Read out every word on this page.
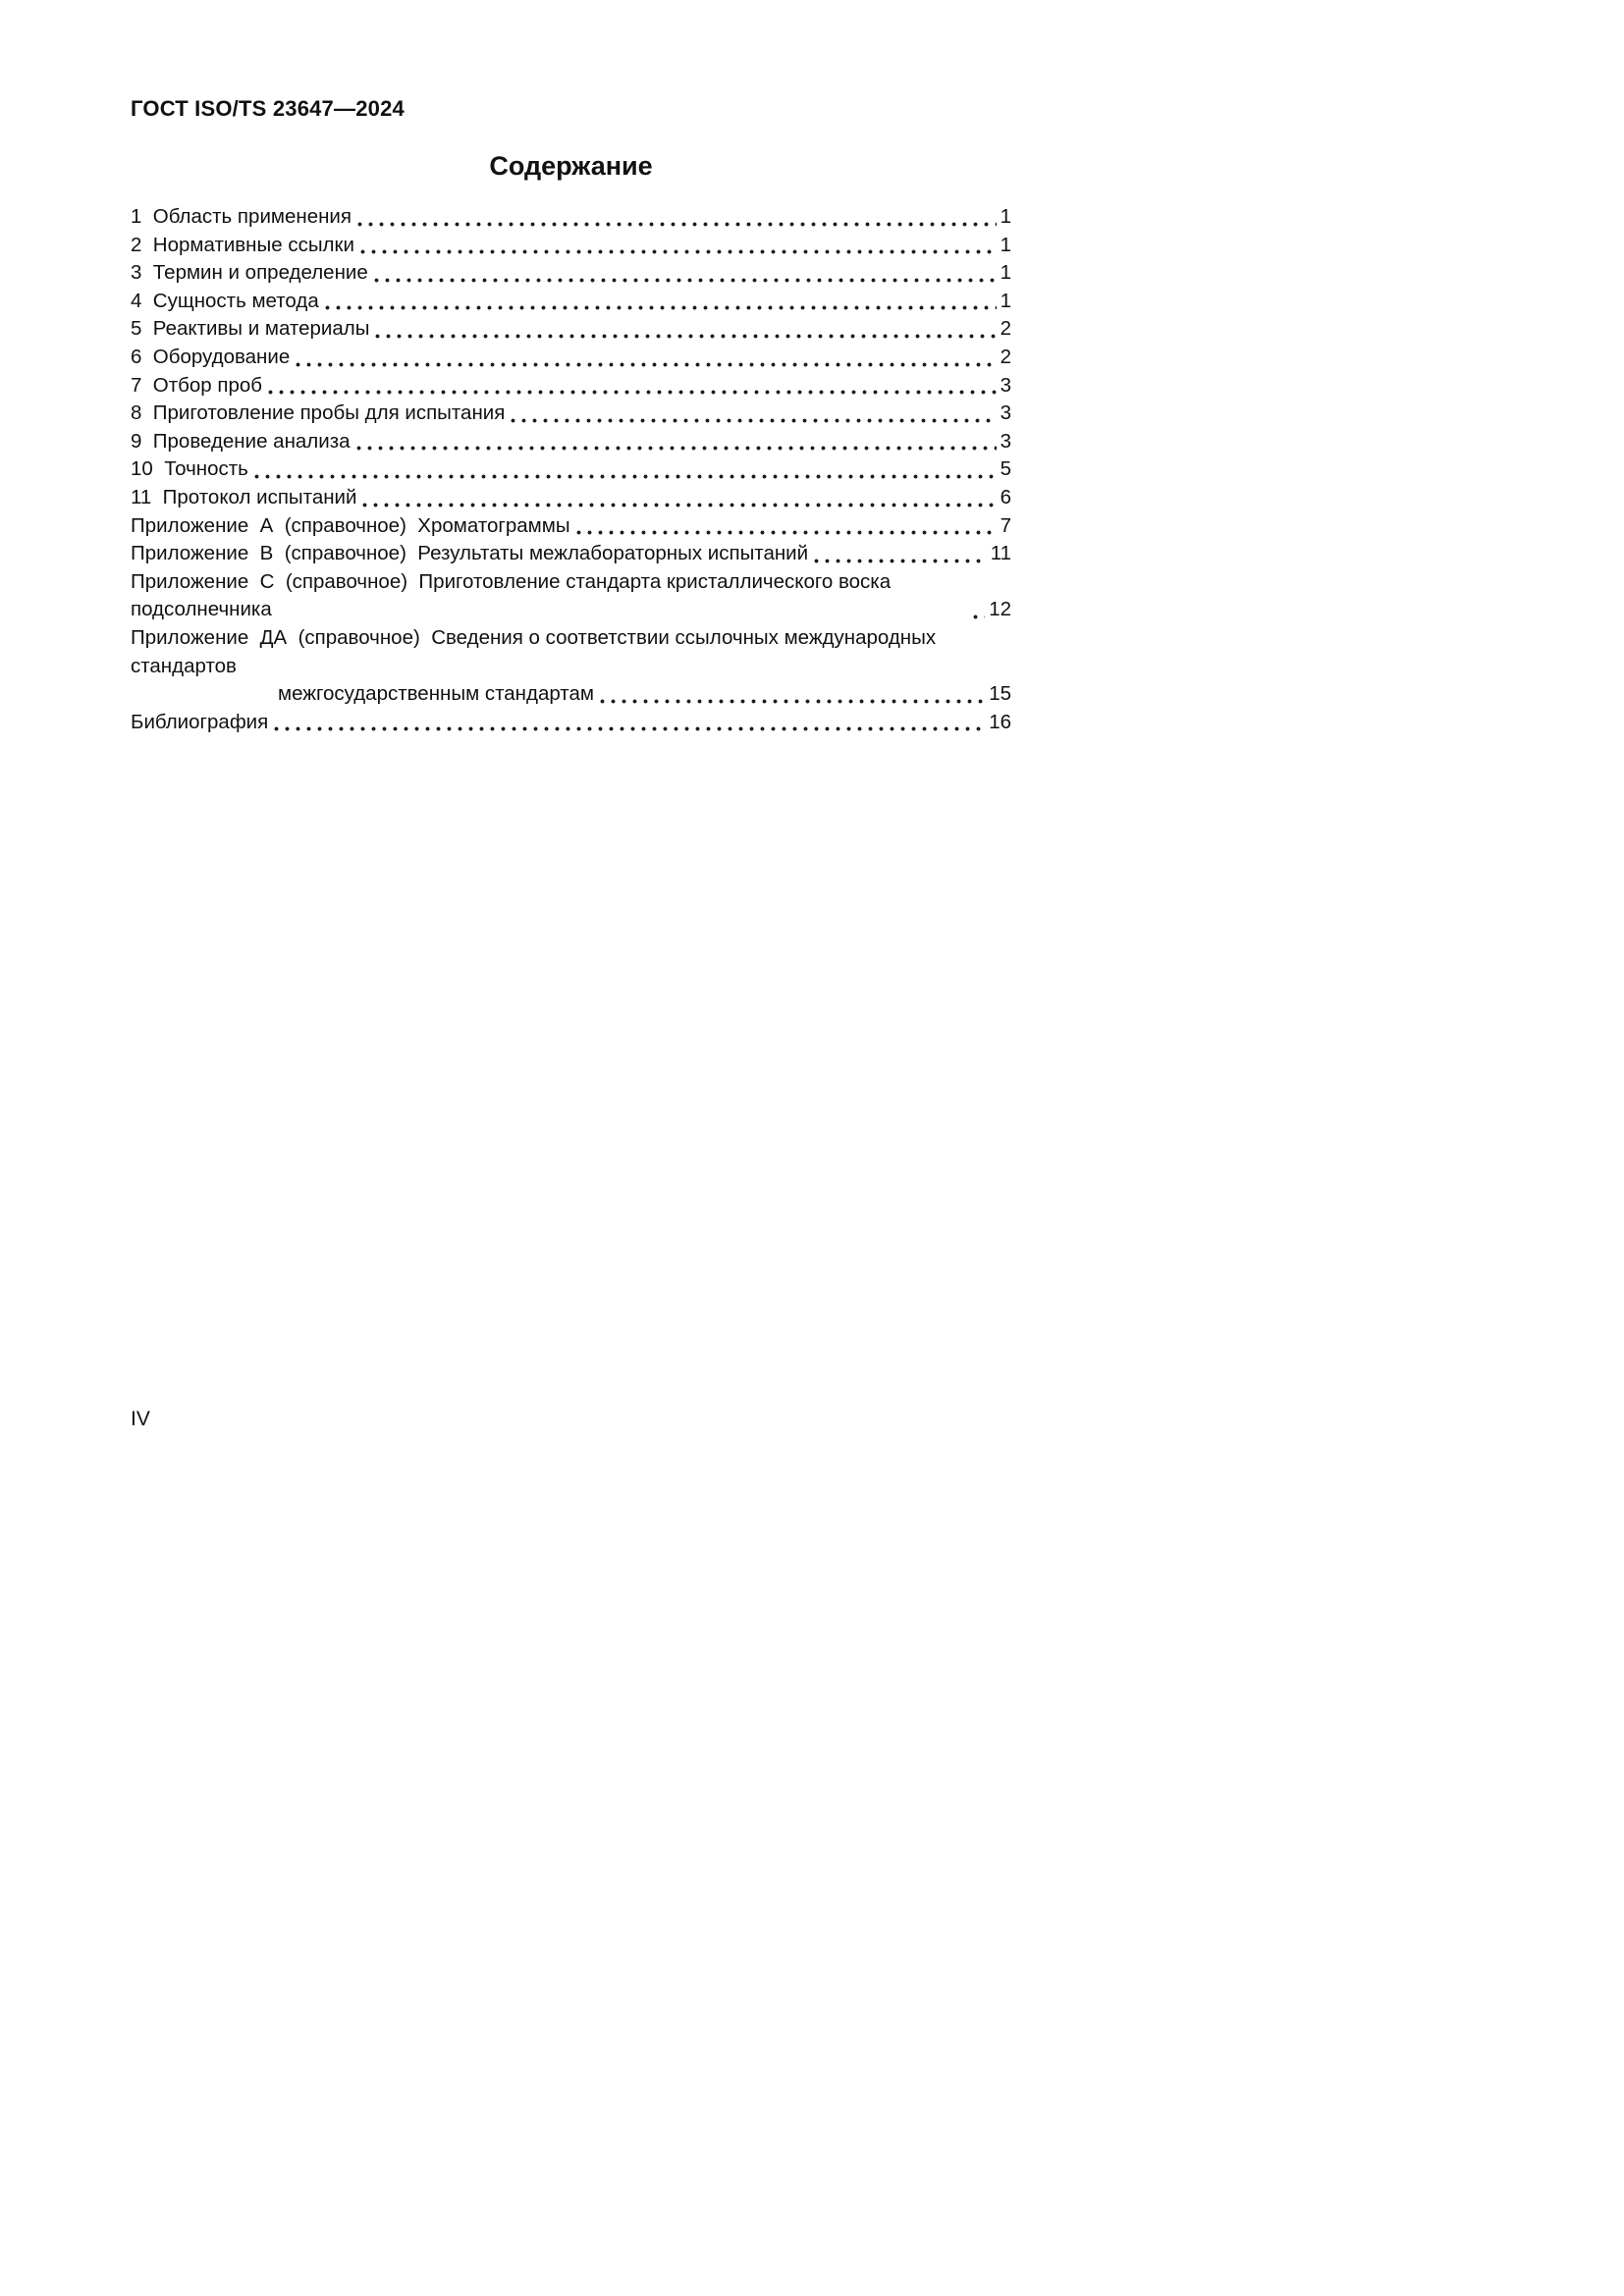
ГОСТ ISO/TS 23647—2024
Содержание
1  Область применения	1
2  Нормативные ссылки	1
3  Термин и определение	1
4  Сущность метода	1
5  Реактивы и материалы	2
6  Оборудование	2
7  Отбор проб	3
8  Приготовление пробы для испытания	3
9  Проведение анализа	3
10  Точность	5
11  Протокол испытаний	6
Приложение  А  (справочное)  Хроматограммы	7
Приложение  В  (справочное)  Результаты межлабораторных испытаний	11
Приложение  С  (справочное)  Приготовление стандарта кристаллического воска подсолнечника	12
Приложение  ДА  (справочное)  Сведения о соответствии ссылочных международных стандартов
межгосударственным стандартам	15
Библиография	16
IV
